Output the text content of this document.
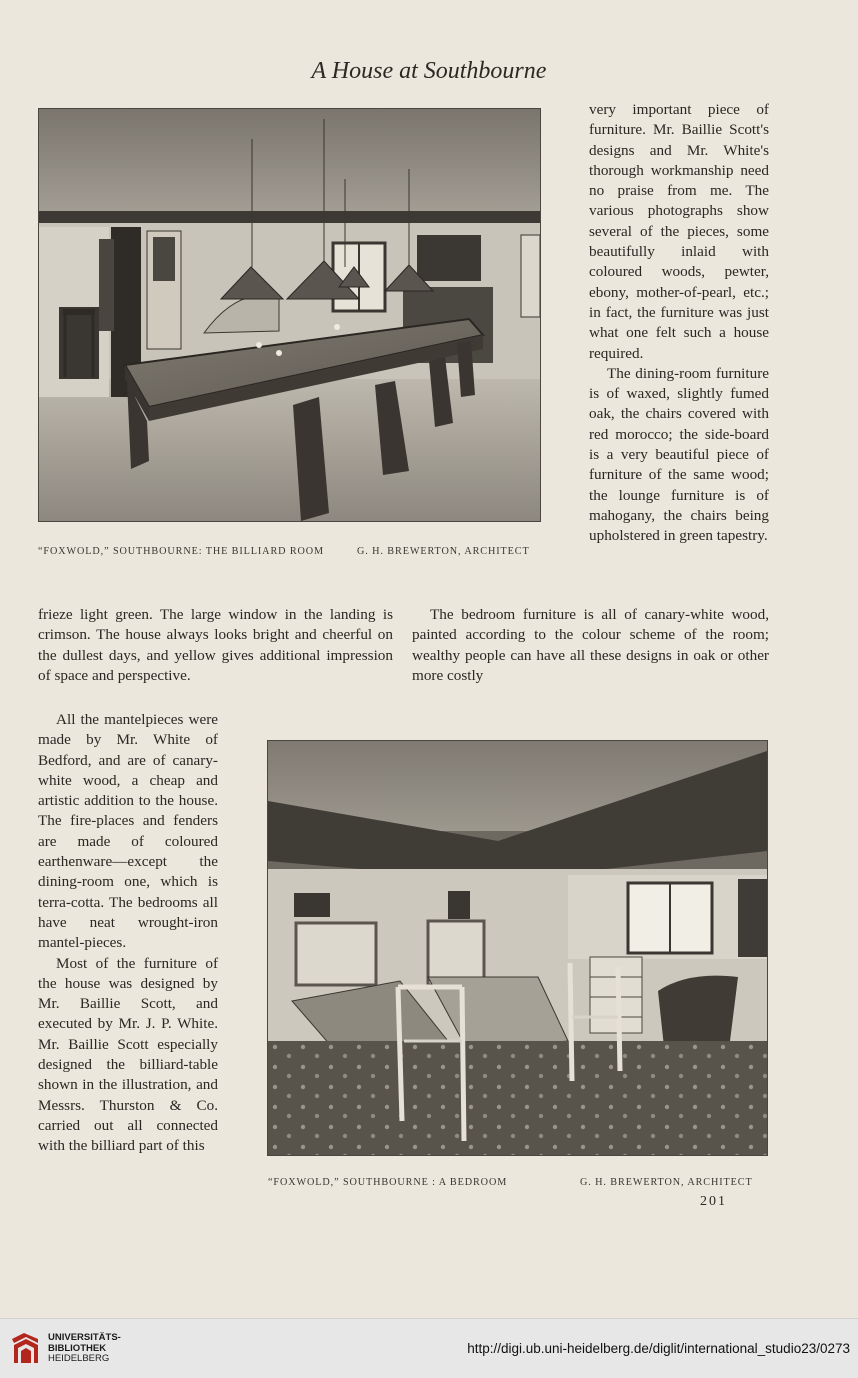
A House at Southbourne
“FOXWOLD,” SOUTHBOURNE: THE BILLIARD ROOM	G. H. BREWERTON, ARCHITECT

very important piece of furniture. Mr. Baillie Scott's designs and Mr. White's thorough workmanship need no praise from me. The various photographs show several of the pieces, some beautifully inlaid with coloured woods, pewter, ebony, mother-of-pearl, etc.; in fact, the furniture was just what one felt such a house required.

The dining-room furniture is of waxed, slightly fumed oak, the chairs covered with red morocco; the side-board is a very beautiful piece of furniture of the same wood; the lounge furniture is of mahogany, the chairs being upholstered in green tapestry.

frieze light green. The large window in the landing is crimson. The house always looks bright and cheerful on the dullest days, and yellow gives additional impression of space and perspective.

The bedroom furniture is all of canary-white wood, painted according to the colour scheme of the room; wealthy people can have all these designs in oak or other more costly

All the mantelpieces were made by Mr. White of Bedford, and are of canary-white wood, a cheap and artistic addition to the house. The fire-places and fenders are made of coloured earthenware—except the dining-room one, which is terra-cotta. The bedrooms all have neat wrought-iron mantel-pieces.

Most of the furniture of the house was designed by Mr. Baillie Scott, and executed by Mr. J. P. White. Mr. Baillie Scott especially designed the billiard-table shown in the illustration, and Messrs. Thurston & Co. carried out all connected with the billiard part of this

“FOXWOLD,” SOUTHBOURNE : A BEDROOM	G. H. BREWERTON, ARCHITECT
201
UNIVERSITÄTS-
BIBLIOTHEK
HEIDELBERG
http://digi.ub.uni-heidelberg.de/diglit/international_studio23/0273
